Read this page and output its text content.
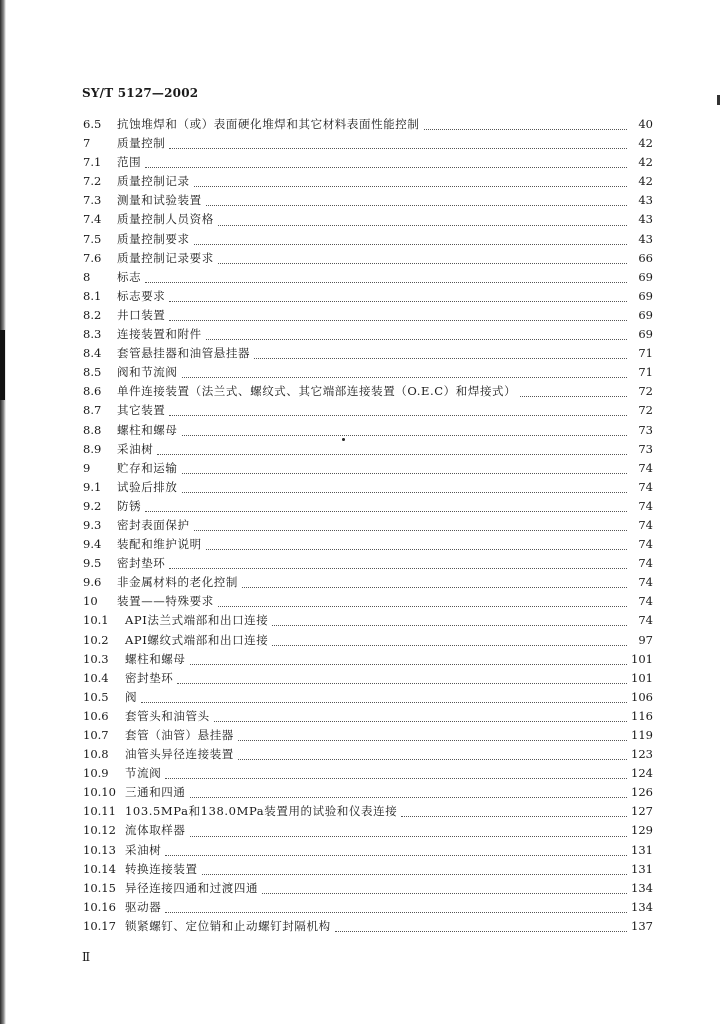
SY/T 5127—2002
6.5	抗蚀堆焊和（或）表面硬化堆焊和其它材料表面性能控制	40
7	质量控制	42
7.1	范围	42
7.2	质量控制记录	42
7.3	测量和试验装置	43
7.4	质量控制人员资格	43
7.5	质量控制要求	43
7.6	质量控制记录要求	66
8	标志	69
8.1	标志要求	69
8.2	井口装置	69
8.3	连接装置和附件	69
8.4	套管悬挂器和油管悬挂器	71
8.5	阀和节流阀	71
8.6	单件连接装置（法兰式、螺纹式、其它端部连接装置（O.E.C）和焊接式）	72
8.7	其它装置	72
8.8	螺柱和螺母	73
8.9	采油树	73
9	贮存和运输	74
9.1	试验后排放	74
9.2	防锈	74
9.3	密封表面保护	74
9.4	装配和维护说明	74
9.5	密封垫环	74
9.6	非金属材料的老化控制	74
10	装置——特殊要求	74
10.1	API法兰式端部和出口连接	74
10.2	API螺纹式端部和出口连接	97
10.3	螺柱和螺母	101
10.4	密封垫环	101
10.5	阀	106
10.6	套管头和油管头	116
10.7	套管（油管）悬挂器	119
10.8	油管头异径连接装置	123
10.9	节流阀	124
10.10 三通和四通	126
10.11 103.5MPa和138.0MPa装置用的试验和仪表连接	127
10.12 流体取样器	129
10.13 采油树	131
10.14 转换连接装置	131
10.15 异径连接四通和过渡四通	134
10.16 驱动器	134
10.17 锁紧螺钉、定位销和止动螺钉封隔机构	137
Ⅱ
